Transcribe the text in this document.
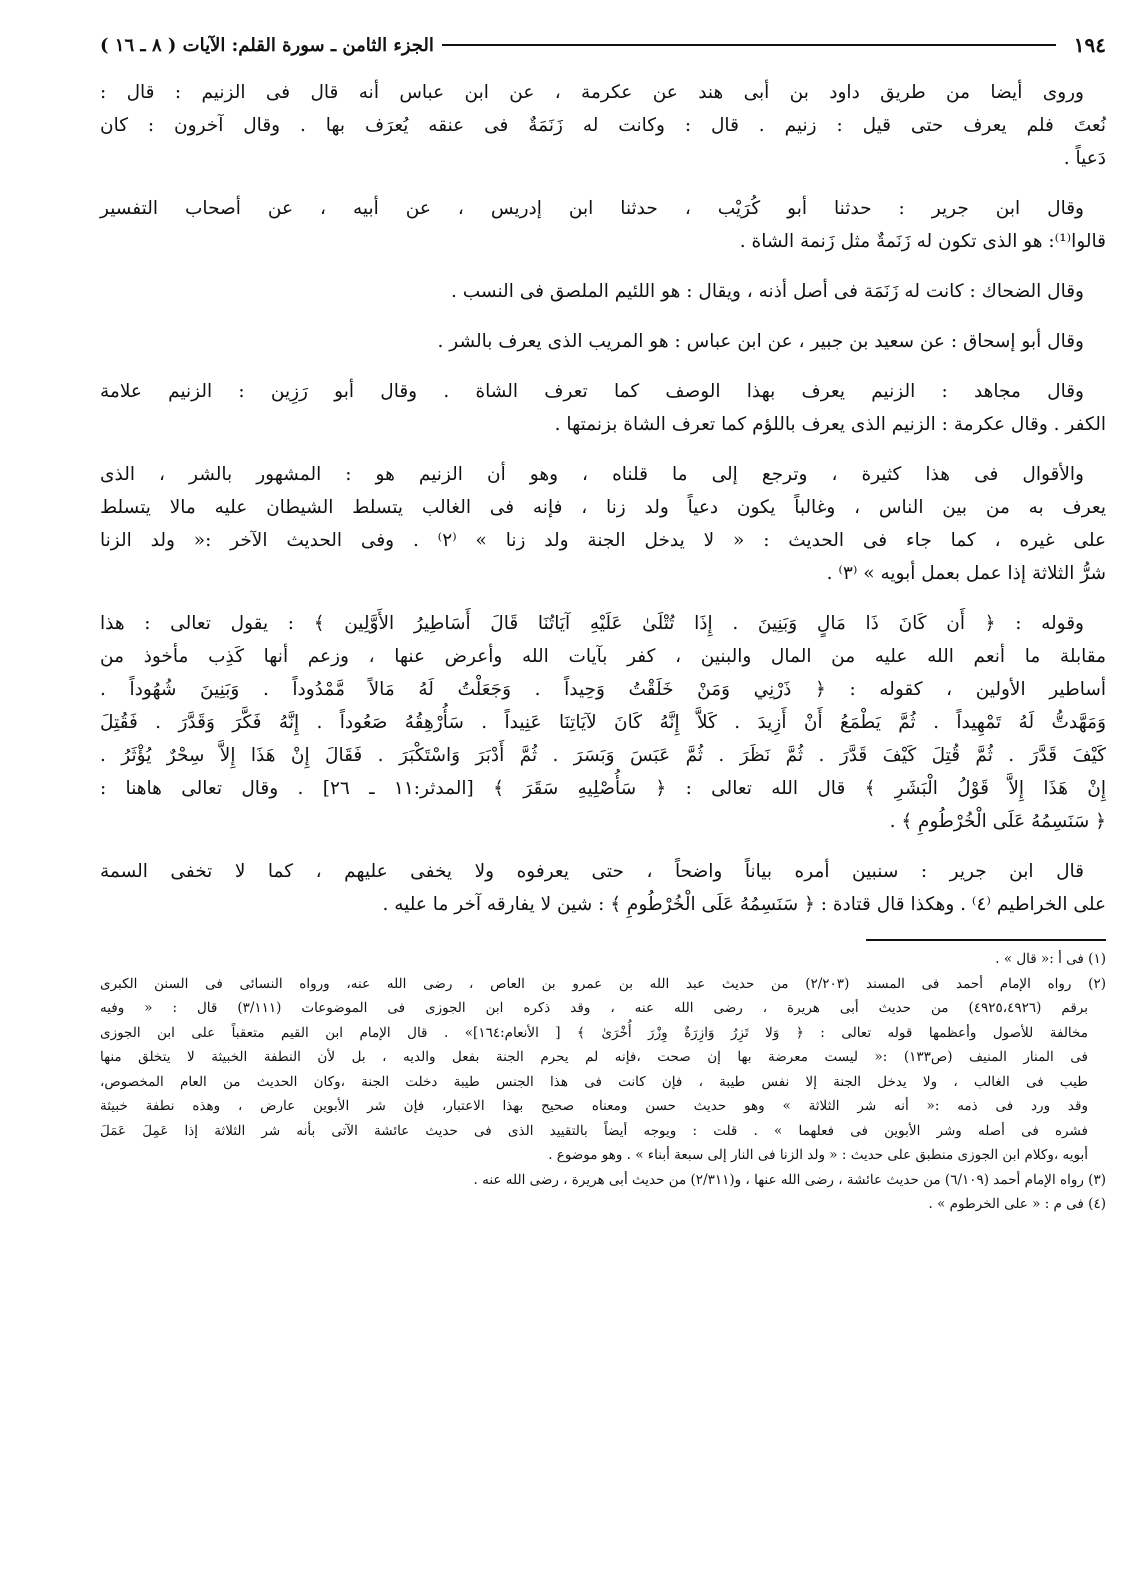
١٩٤
الجزء الثامن ـ سورة القلم: الآيات ( ٨ ـ ١٦ )
وروى أيضا من طريق داود بن أبى هند عن عكرمة ، عن ابن عباس أنه قال فى الزنيم : قال :
نُعتَ فلم يعرف حتى قيل : زنيم . قال : وكانت له زَنَمَةٌ فى عنقه يُعرَف بها . وقال آخرون : كان
دَعياً .
وقال ابن جرير : حدثنا أبو كُرَيْب ، حدثنا ابن إدريس ، عن أبيه ، عن أصحاب التفسير
قالوا⁽¹⁾: هو الذى تكون له زَنَمةٌ مثل زَنمة الشاة .
وقال الضحاك : كانت له زَنَمَة فى أصل أذنه ، ويقال : هو اللئيم الملصق فى النسب .
وقال أبو إسحاق : عن سعيد بن جبير ، عن ابن عباس : هو المريب الذى يعرف بالشر .
وقال مجاهد : الزنيم يعرف بهذا الوصف كما تعرف الشاة . وقال أبو رَزِين : الزنيم علامة
الكفر . وقال عكرمة : الزنيم الذى يعرف باللؤم كما تعرف الشاة بزنمتها .
والأقوال فى هذا كثيرة ، وترجع إلى ما قلناه ، وهو أن الزنيم هو : المشهور بالشر ، الذى
يعرف به من بين الناس ، وغالباً يكون دعياً ولد زنا ، فإنه فى الغالب يتسلط الشيطان عليه مالا يتسلط
على غيره ، كما جاء فى الحديث : « لا يدخل الجنة ولد زنا » ⁽٢⁾ . وفى الحديث الآخر :« ولد الزنا
شرُّ الثلاثة إذا عمل بعمل أبويه » ⁽٣⁾ .
وقوله : ﴿ أَن كَانَ ذَا مَالٍ وَبَنِينَ . إِذَا تُتْلَىٰ عَلَيْهِ آيَاتُنَا قَالَ أَسَاطِيرُ الأَوَّلِين ﴾ : يقول تعالى : هذا
مقابلة ما أنعم الله عليه من المال والبنين ، كفر بآيات الله وأعرض عنها ، وزعم أنها كَذِب مأخوذ من
أساطير الأولين ، كقوله : ﴿ ذَرْنِي وَمَنْ خَلَقْتُ وَحِيداً . وَجَعَلْتُ لَهُ مَالاً مَّمْدُوداً . وَبَنِينَ شُهُوداً .
وَمَهَّدتُّ لَهُ تَمْهِيداً . ثُمَّ يَطْمَعُ أَنْ أَزِيدَ . كَلاَّ إِنَّهُ كَانَ لآيَاتِنَا عَنِيداً . سَأُرْهِقُهُ صَعُوداً . إِنَّهُ فَكَّرَ وَقَدَّرَ . فَقُتِلَ
كَيْفَ قَدَّرَ . ثُمَّ قُتِلَ كَيْفَ قَدَّرَ . ثُمَّ نَظَرَ . ثُمَّ عَبَسَ وَبَسَرَ . ثُمَّ أَدْبَرَ وَاسْتَكْبَرَ . فَقَالَ إِنْ هَذَا إِلاَّ سِحْرٌ يُؤْثَرُ .
إِنْ هَذَا إِلاَّ قَوْلُ الْبَشَرِ ﴾ قال الله تعالى : ﴿ سَأُصْلِيهِ سَقَرَ ﴾ [المدثر:١١ ـ ٢٦] . وقال تعالى هاهنا :
﴿ سَنَسِمُهُ عَلَى الْخُرْطُومِ ﴾ .
قال ابن جرير : سنبين أمره بياناً واضحاً ، حتى يعرفوه ولا يخفى عليهم ، كما لا تخفى السمة
على الخراطيم ⁽٤⁾ . وهكذا قال قتادة : ﴿ سَنَسِمُهُ عَلَى الْخُرْطُومِ ﴾ : شين لا يفارقه آخر ما عليه .
(١) فى أ :« قال » .
(٢) رواه الإمام أحمد فى المسند (٢/٢٠٣) من حديث عبد الله بن عمرو بن العاص ، رضى الله عنه، ورواه النسائى فى السنن الكبرى
برقم (٤٩٢٥،٤٩٢٦) من حديث أبى هريرة ، رضى الله عنه ، وقد ذكره ابن الجوزى فى الموضوعات (٣/١١١) قال : « وفيه
مخالفة للأصول وأعظمها قوله تعالى : ﴿ وَلا تَزِرُ وَازِرَةٌ وِزْرَ أُخْرَىٰ ﴾ [ الأنعام:١٦٤]» . قال الإمام ابن القيم متعقباً على ابن الجوزى
فى المنار المنيف (ص١٣٣) :« ليست معرضة بها إن صحت ،فإنه لم يحرم الجنة بفعل والديه ، بل لأن النطفة الخبيثة لا يتخلق منها
طيب فى الغالب ، ولا يدخل الجنة إلا نفس طيبة ، فإن كانت فى هذا الجنس طيبة دخلت الجنة ،وكان الحديث من العام المخصوص،
وقد ورد فى ذمه :« أنه شر الثلاثة » وهو حديث حسن ومعناه صحيح بهذا الاعتبار، فإن شر الأبوين عارض ، وهذه نطفة خبيثة
فشره فى أصله وشر الأبوين فى فعلهما » . قلت : ويوجه أيضاً بالتقييد الذى فى حديث عائشة الآتى بأنه شر الثلاثة إذا عَمِلَ عَمَلَ
أبويه ،وكلام ابن الجوزى منطبق على حديث : « ولد الزنا فى النار إلى سبعة أبناء » . وهو موضوع .
(٣) رواه الإمام أحمد (٦/١٠٩) من حديث عائشة ، رضى الله عنها ، و(٢/٣١١) من حديث أبى هريرة ، رضى الله عنه .
(٤) فى م : « على الخرطوم » .
